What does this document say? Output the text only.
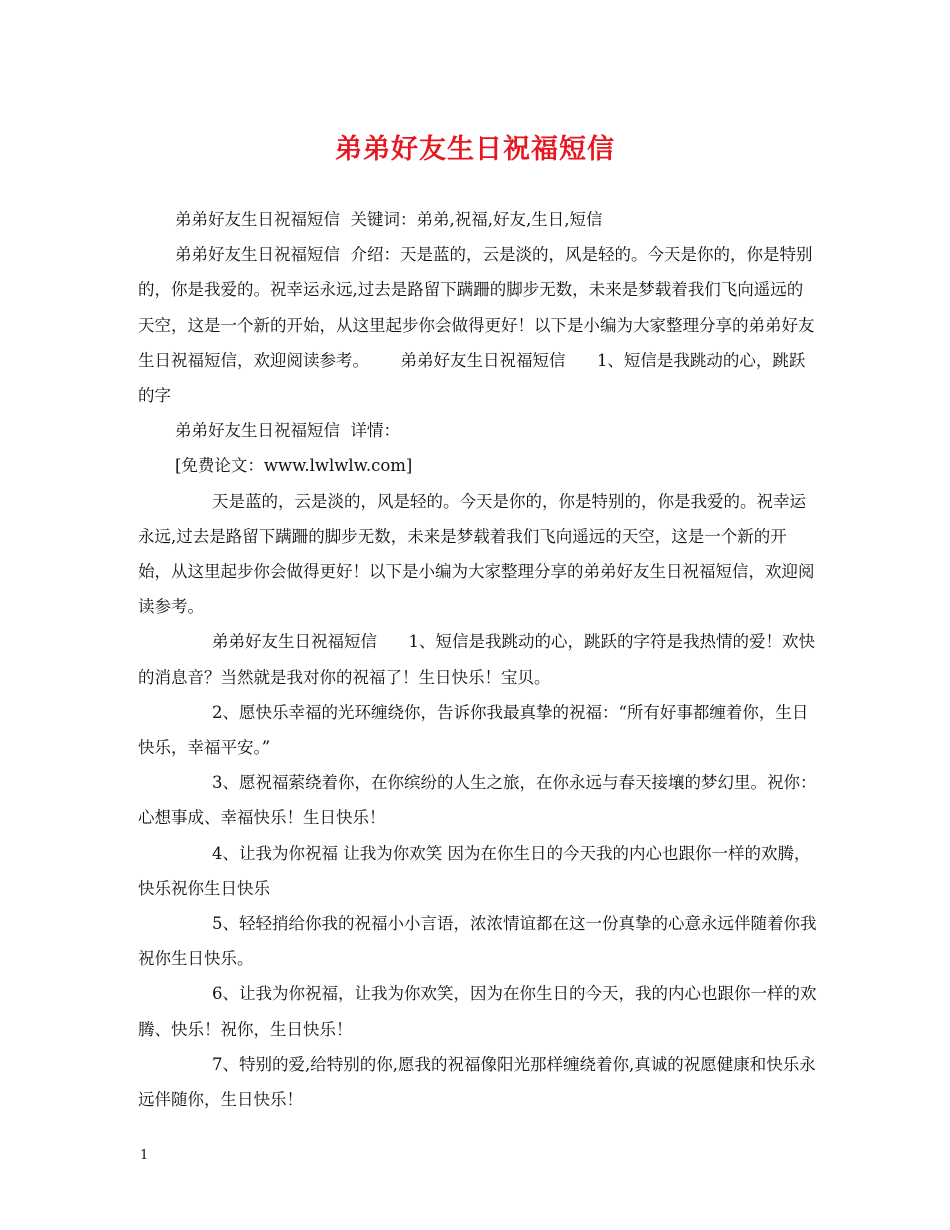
弟弟好友生日祝福短信

弟弟好友生日祝福短信  关键词：弟弟,祝福,好友,生日,短信

弟弟好友生日祝福短信  介绍：天是蓝的，云是淡的，风是轻的。今天是你的，你是特别的，你是我爱的。祝幸运永远,过去是路留下蹒跚的脚步无数，未来是梦载着我们飞向遥远的天空，这是一个新的开始，从这里起步你会做得更好！以下是小编为大家整理分享的弟弟好友生日祝福短信，欢迎阅读参考。      弟弟好友生日祝福短信      1、短信是我跳动的心，跳跃的字

弟弟好友生日祝福短信  详情：

[免费论文：www.lwlwlw.com]

天是蓝的，云是淡的，风是轻的。今天是你的，你是特别的，你是我爱的。祝幸运永远,过去是路留下蹒跚的脚步无数，未来是梦载着我们飞向遥远的天空，这是一个新的开始，从这里起步你会做得更好！以下是小编为大家整理分享的弟弟好友生日祝福短信，欢迎阅读参考。

弟弟好友生日祝福短信      1、短信是我跳动的心，跳跃的字符是我热情的爱！欢快的消息音？当然就是我对你的祝福了！生日快乐！宝贝。

2、愿快乐幸福的光环缠绕你，告诉你我最真挚的祝福：“所有好事都缠着你，生日快乐，幸福平安。”

3、愿祝福萦绕着你，在你缤纷的人生之旅，在你永远与春天接壤的梦幻里。祝你：心想事成、幸福快乐！生日快乐！

4、让我为你祝福 让我为你欢笑 因为在你生日的今天我的内心也跟你一样的欢腾，快乐祝你生日快乐

5、轻轻捎给你我的祝福小小言语，浓浓情谊都在这一份真挚的心意永远伴随着你我祝你生日快乐。

6、让我为你祝福，让我为你欢笑，因为在你生日的今天，我的内心也跟你一样的欢腾、快乐！祝你，生日快乐！

7、特别的爱,给特别的你,愿我的祝福像阳光那样缠绕着你,真诚的祝愿健康和快乐永远伴随你，生日快乐！

1
